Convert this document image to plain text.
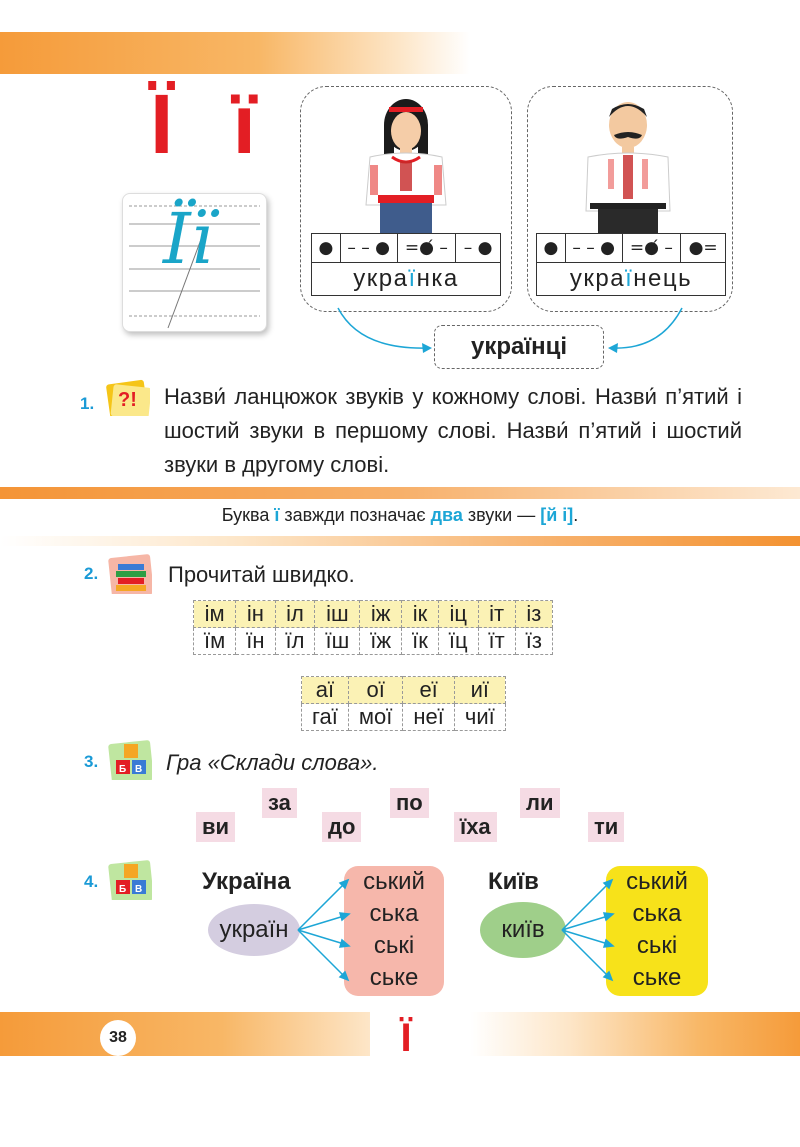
Ї ї
Її	● – – ● =●́ – – ●
українка
● – – ● =●́ – ●=
українець
українці
1. ?! Назви́ ланцюжок звуків у кожному слові. Назви́ п’ятий і шостий звуки в першому слові. Назви́ п’ятий і шостий звуки в другому слові.
Буква ї завжди позначає два звуки — [й і].
2.	Прочитай швидко.
ім	ін	іл	іш	іж	ік	іц	іт	із
їм	їн	їл	їш	їж	їк	їц	їт	їз
аї	ої	еї	иї
гаї	мої	неї	чиї
3. Б В Гра «Склади слова».
ви
за
до
по
їха
ли
ти
4. Б В Україна
україн
ський
ська
ські
ське
Київ
київ
ський
ська
ські
ське
38	Ї
